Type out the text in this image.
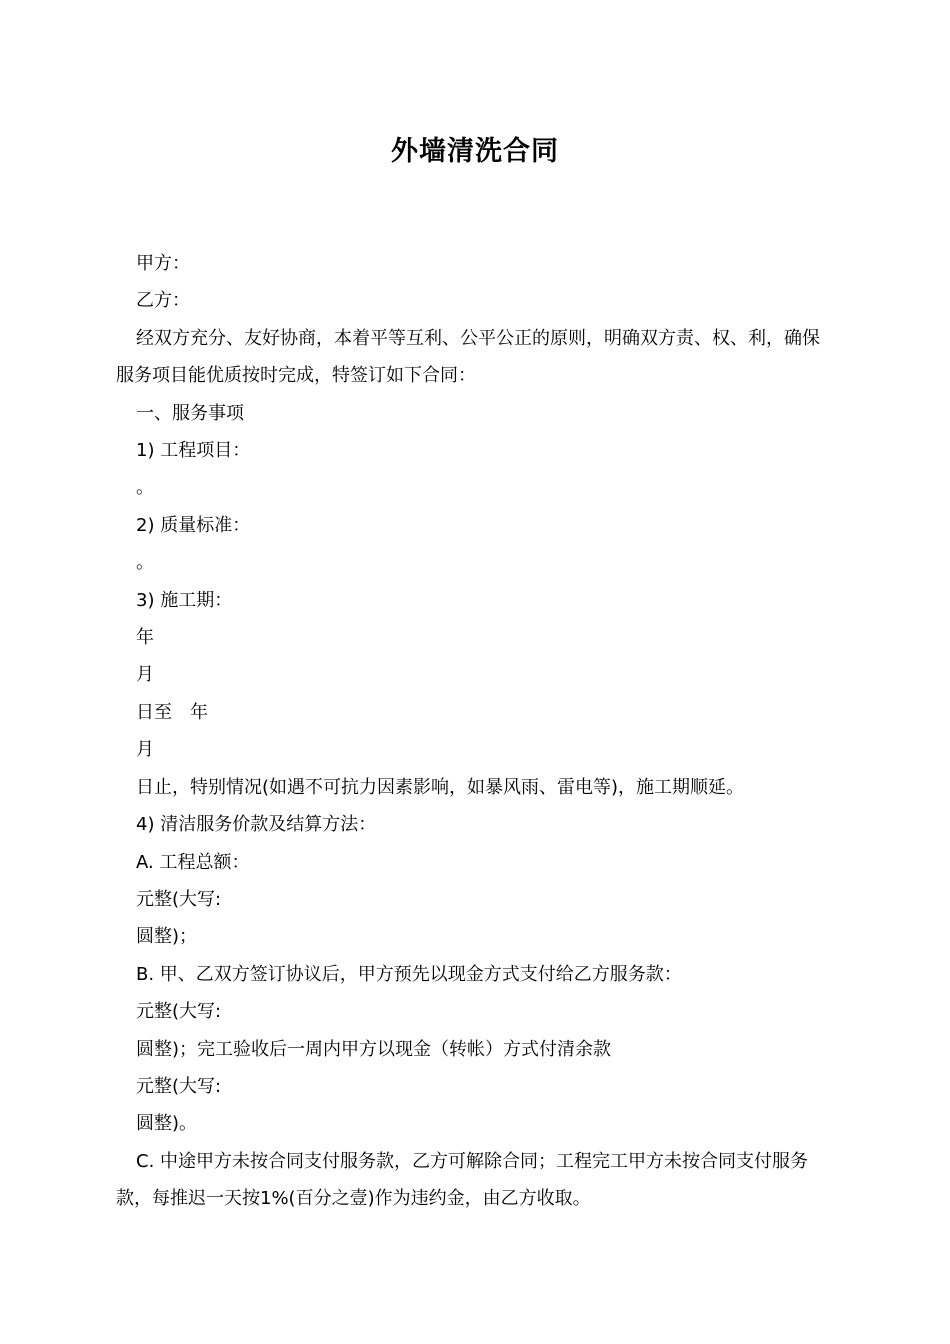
外墙清洗合同

甲方：

乙方：

经双方充分、友好协商，本着平等互利、公平公正的原则，明确双方责、权、利，确保服务项目能优质按时完成，特签订如下合同：

一、服务事项

1) 工程项目：

。

2) 质量标准：

。

3) 施工期：

年

月

日至　年

月

日止，特别情况(如遇不可抗力因素影响，如暴风雨、雷电等)，施工期顺延。

4) 清洁服务价款及结算方法：

A. 工程总额：

元整(大写:

圆整)；

B. 甲、乙双方签订协议后，甲方预先以现金方式支付给乙方服务款：

元整(大写:

圆整)；完工验收后一周内甲方以现金（转帐）方式付清余款

元整(大写:

圆整)。

C. 中途甲方未按合同支付服务款，乙方可解除合同；工程完工甲方未按合同支付服务款，每推迟一天按1%(百分之壹)作为违约金，由乙方收取。
